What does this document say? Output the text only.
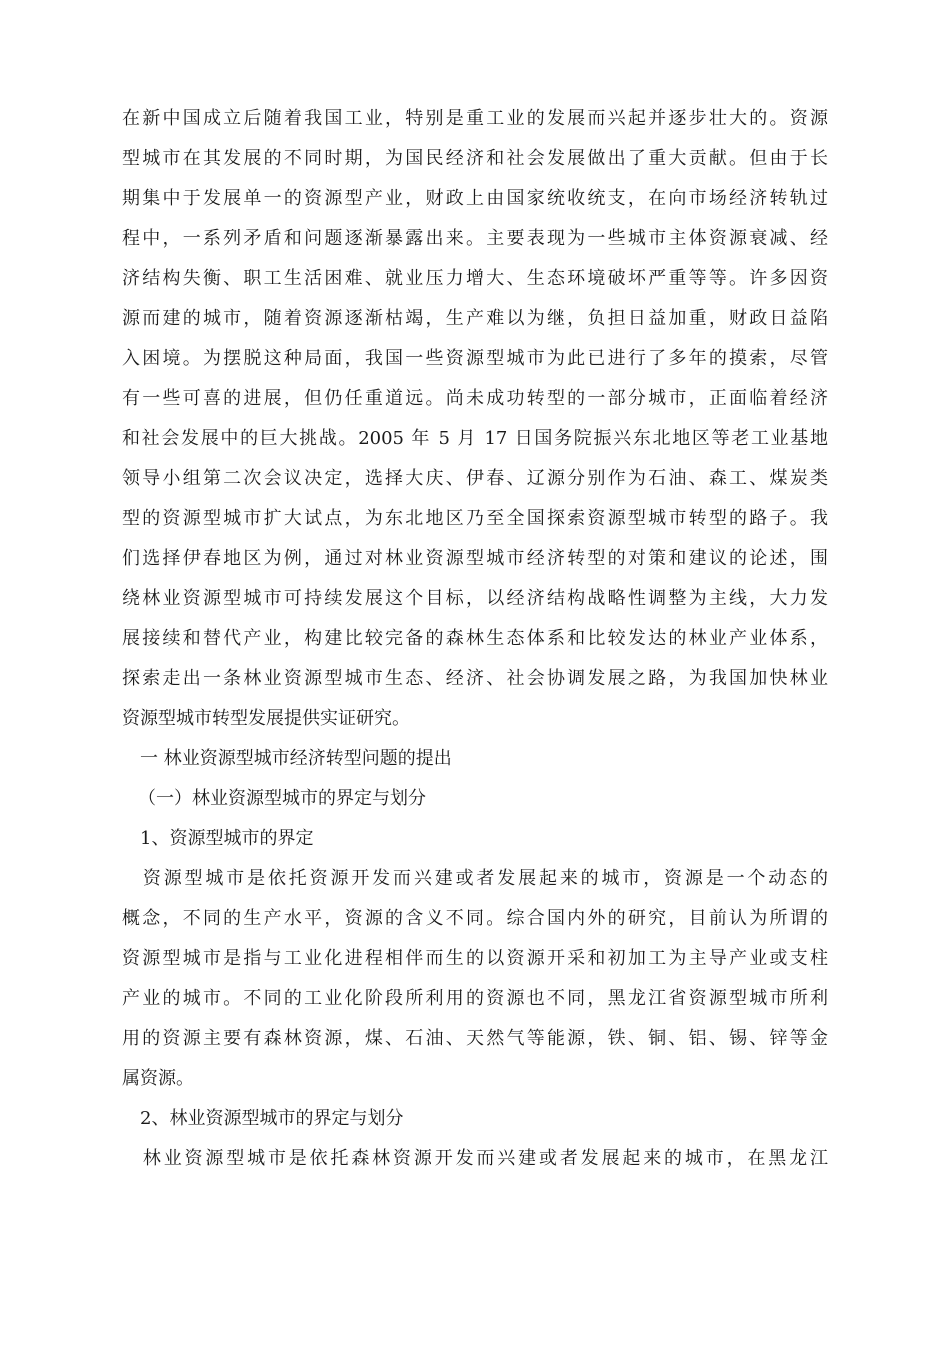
在新中国成立后随着我国工业，特别是重工业的发展而兴起并逐步壮大的。资源
型城市在其发展的不同时期，为国民经济和社会发展做出了重大贡献。但由于长
期集中于发展单一的资源型产业，财政上由国家统收统支，在向市场经济转轨过
程中，一系列矛盾和问题逐渐暴露出来。主要表现为一些城市主体资源衰减、经
济结构失衡、职工生活困难、就业压力增大、生态环境破坏严重等等。许多因资
源而建的城市，随着资源逐渐枯竭，生产难以为继，负担日益加重，财政日益陷
入困境。为摆脱这种局面，我国一些资源型城市为此已进行了多年的摸索，尽管
有一些可喜的进展，但仍任重道远。尚未成功转型的一部分城市，正面临着经济
和社会发展中的巨大挑战。2005 年 5 月 17 日国务院振兴东北地区等老工业基地
领导小组第二次会议决定，选择大庆、伊春、辽源分别作为石油、森工、煤炭类
型的资源型城市扩大试点，为东北地区乃至全国探索资源型城市转型的路子。我
们选择伊春地区为例，通过对林业资源型城市经济转型的对策和建议的论述，围
绕林业资源型城市可持续发展这个目标，以经济结构战略性调整为主线，大力发
展接续和替代产业，构建比较完备的森林生态体系和比较发达的林业产业体系，
探索走出一条林业资源型城市生态、经济、社会协调发展之路，为我国加快林业
资源型城市转型发展提供实证研究。
　一 林业资源型城市经济转型问题的提出
（一）林业资源型城市的界定与划分
　1、资源型城市的界定
　资源型城市是依托资源开发而兴建或者发展起来的城市，资源是一个动态的
概念，不同的生产水平，资源的含义不同。综合国内外的研究，目前认为所谓的
资源型城市是指与工业化进程相伴而生的以资源开采和初加工为主导产业或支柱
产业的城市。不同的工业化阶段所利用的资源也不同，黑龙江省资源型城市所利
用的资源主要有森林资源，煤、石油、天然气等能源，铁、铜、铝、锡、锌等金
属资源。
　2、林业资源型城市的界定与划分
　林业资源型城市是依托森林资源开发而兴建或者发展起来的城市，在黑龙江
